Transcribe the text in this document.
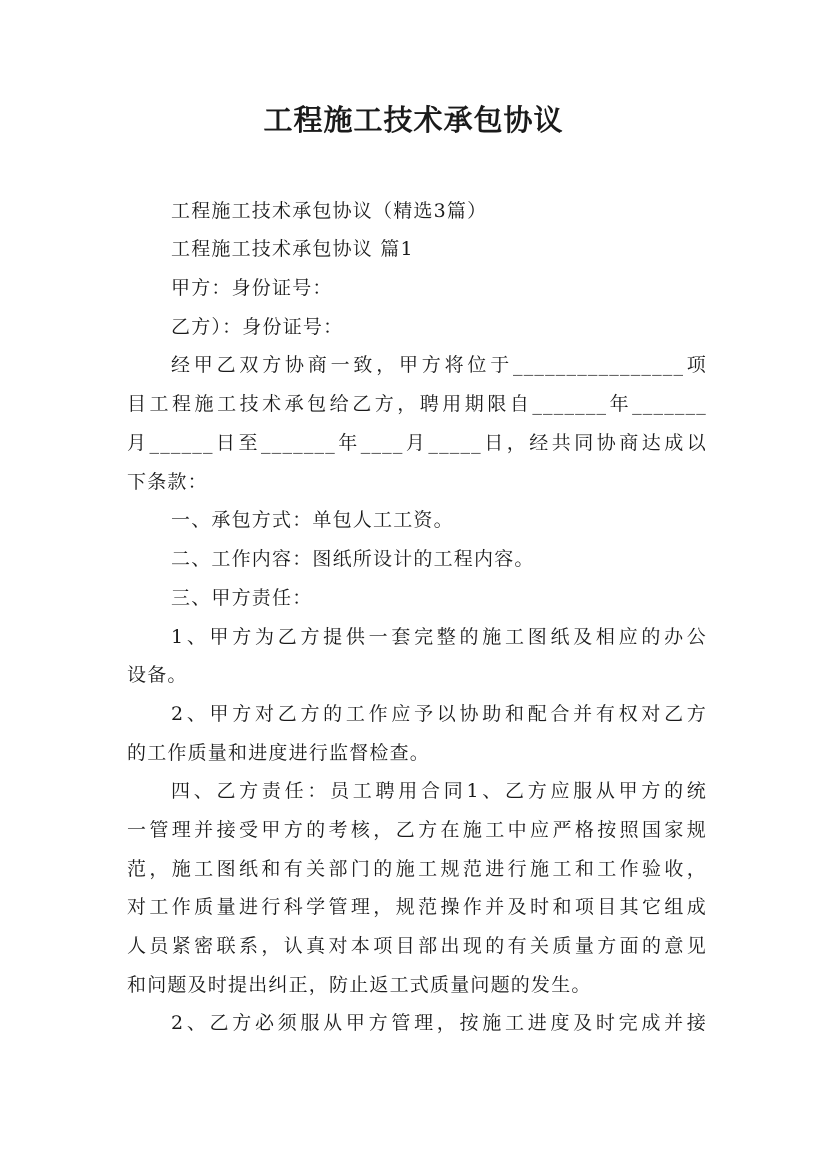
工程施工技术承包协议
工程施工技术承包协议（精选3篇）
工程施工技术承包协议 篇1
甲方：身份证号：
乙方）：身份证号：
经甲乙双方协商一致，甲方将位于________________项
目工程施工技术承包给乙方，聘用期限自_______年_______
月______日至_______年____月_____日，经共同协商达成以
下条款：
一、承包方式：单包人工工资。
二、工作内容：图纸所设计的工程内容。
三、甲方责任：
1、甲方为乙方提供一套完整的施工图纸及相应的办公
设备。
2、甲方对乙方的工作应予以协助和配合并有权对乙方
的工作质量和进度进行监督检查。
四、乙方责任：员工聘用合同1、乙方应服从甲方的统
一管理并接受甲方的考核，乙方在施工中应严格按照国家规
范，施工图纸和有关部门的施工规范进行施工和工作验收，
对工作质量进行科学管理，规范操作并及时和项目其它组成
人员紧密联系，认真对本项目部出现的有关质量方面的意见
和问题及时提出纠正，防止返工式质量问题的发生。
2、乙方必须服从甲方管理，按施工进度及时完成并接
